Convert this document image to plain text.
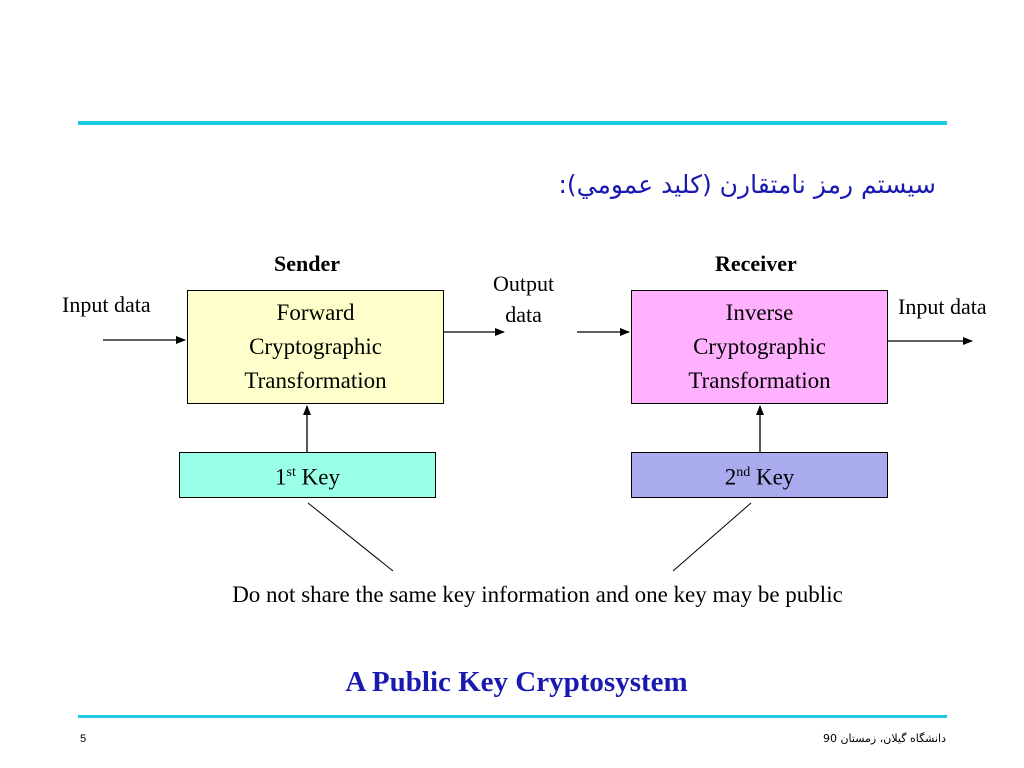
سيستم رمز نامتقارن (كليد عمومي):
Sender	Receiver
Input data	Input data
Output
data
Forward
Cryptographic
Transformation
Inverse
Cryptographic
Transformation
1st Key	2nd Key
Do not share the same key information and one key may be public
A Public Key Cryptosystem
5	دانشگاه گيلان، زمستان 90
